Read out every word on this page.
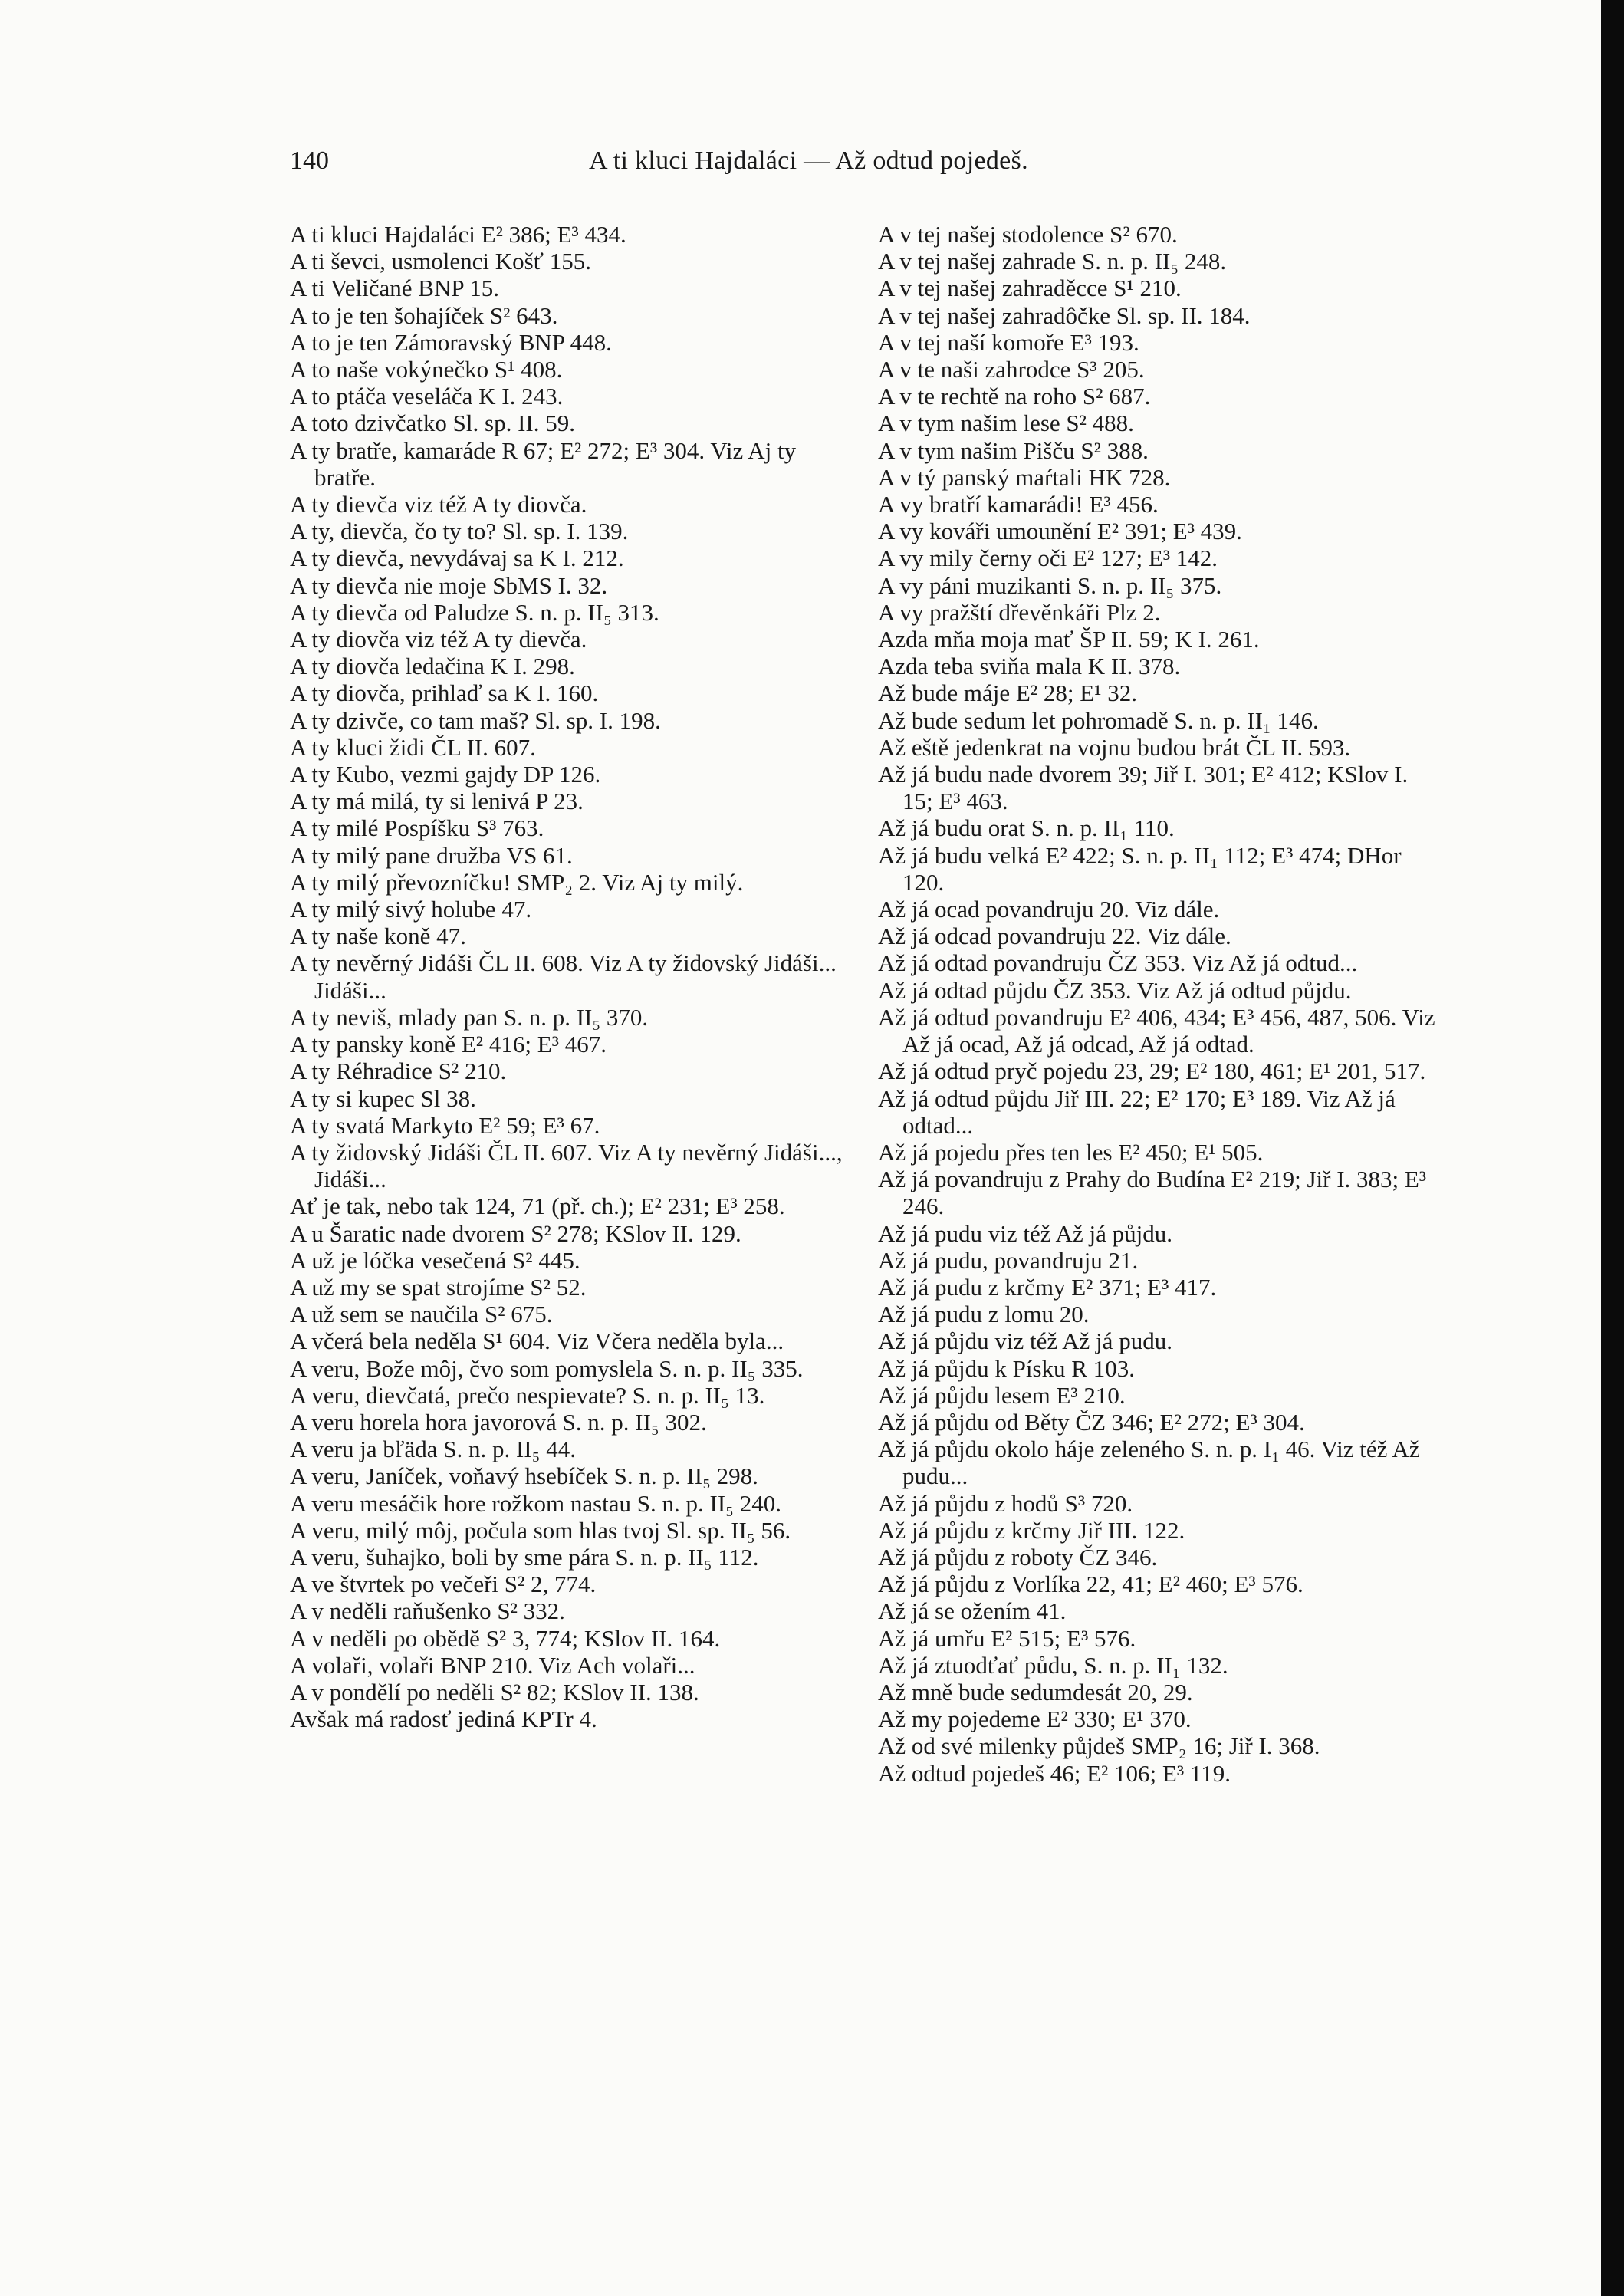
140	A ti kluci Hajdaláci — Až odtud pojedeš.
A ti kluci Hajdaláci E² 386; E³ 434.
A ti ševci, usmolenci Košť 155.
A ti Veličané BNP 15.
A to je ten šohajíček S² 643.
A to je ten Zámoravský BNP 448.
A to naše vokýnečko S¹ 408.
A to ptáča veseláča K I. 243.
A toto dzivčatko Sl. sp. II. 59.
A ty bratře, kamaráde R 67; E² 272; E³ 304. Viz Aj ty bratře.
A ty dievča viz též A ty diovča.
A ty, dievča, čo ty to? Sl. sp. I. 139.
A ty dievča, nevydávaj sa K I. 212.
A ty dievča nie moje SbMS I. 32.
A ty dievča od Paludze S. n. p. II₅ 313.
A ty diovča viz též A ty dievča.
A ty diovča ledačina K I. 298.
A ty diovča, prihlaď sa K I. 160.
A ty dzivče, co tam maš? Sl. sp. I. 198.
A ty kluci židi ČL II. 607.
A ty Kubo, vezmi gajdy DP 126.
A ty má milá, ty si lenivá P 23.
A ty milé Pospíšku S³ 763.
A ty milý pane družba VS 61.
A ty milý převozníčku! SMP₂ 2. Viz Aj ty milý.
A ty milý sivý holube 47.
A ty naše koně 47.
A ty nevěrný Jidáši ČL II. 608. Viz A ty židovský Jidáši... Jidáši...
A ty neviš, mlady pan S. n. p. II₅ 370.
A ty pansky koně E² 416; E³ 467.
A ty Réhradice S² 210.
A ty si kupec Sl 38.
A ty svatá Markyto E² 59; E³ 67.
A ty židovský Jidáši ČL II. 607. Viz A ty nevěrný Jidáši..., Jidáši...
Ať je tak, nebo tak 124, 71 (př. ch.); E² 231; E³ 258.
A u Šaratic nade dvorem S² 278; KSlov II. 129.
A už je lóčka vesečená S² 445.
A už my se spat strojíme S² 52.
A už sem se naučila S² 675.
A včerá bela neděla S¹ 604. Viz Včera neděla byla...
A veru, Bože môj, čvo som pomyslela S. n. p. II₅ 335.
A veru, dievčatá, prečo nespievate? S. n. p. II₅ 13.
A veru horela hora javorová S. n. p. II₅ 302.
A veru ja bľäda S. n. p. II₅ 44.
A veru, Janíček, voňavý hsebíček S. n. p. II₅ 298.
A veru mesáčik hore rožkom nastau S. n. p. II₅ 240.
A veru, milý môj, počula som hlas tvoj Sl. sp. II₅ 56.
A veru, šuhajko, boli by sme pára S. n. p. II₅ 112.
A ve štvrtek po večeři S² 2, 774.
A v neděli raňušenko S² 332.
A v neděli po obědě S² 3, 774; KSlov II. 164.
A volaři, volaři BNP 210. Viz Ach volaři...
A v pondělí po neděli S² 82; KSlov II. 138.
Avšak má radosť jediná KPTr 4.
A v tej našej stodolence S² 670.
A v tej našej zahrade S. n. p. II₅ 248.
A v tej našej zahraděcce S¹ 210.
A v tej našej zahradôčke Sl. sp. II. 184.
A v tej naší komoře E³ 193.
A v te naši zahrodce S³ 205.
A v te rechtě na roho S² 687.
A v tym našim lese S² 488.
A v tym našim Pišču S² 388.
A v tý panský maŕtali HK 728.
A vy bratří kamarádi! E³ 456.
A vy kováři umounění E² 391; E³ 439.
A vy mily černy oči E² 127; E³ 142.
A vy páni muzikanti S. n. p. II₅ 375.
A vy pražští dřevěnkáři Plz 2.
Azda mňa moja mať ŠP II. 59; K I. 261.
Azda teba sviňa mala K II. 378.
Až bude máje E² 28; E¹ 32.
Až bude sedum let pohromadě S. n. p. II₁ 146.
Až eště jedenkrat na vojnu budou brát ČL II. 593.
Až já budu nade dvorem 39; Jiř I. 301; E² 412; KSlov I. 15; E³ 463.
Až já budu orat S. n. p. II₁ 110.
Až já budu velká E² 422; S. n. p. II₁ 112; E³ 474; DHor 120.
Až já ocad povandruju 20. Viz dále.
Až já odcad povandruju 22. Viz dále.
Až já odtad povandruju ČZ 353. Viz Až já odtud...
Až já odtad půjdu ČZ 353. Viz Až já odtud půjdu.
Až já odtud povandruju E² 406, 434; E³ 456, 487, 506. Viz Až já ocad, Až já odcad, Až já odtad.
Až já odtud pryč pojedu 23, 29; E² 180, 461; E¹ 201, 517.
Až já odtud půjdu Jiř III. 22; E² 170; E³ 189. Viz Až já odtad...
Až já pojedu přes ten les E² 450; E¹ 505.
Až já povandruju z Prahy do Budína E² 219; Jiř I. 383; E³ 246.
Až já pudu viz též Až já půjdu.
Až já pudu, povandruju 21.
Až já pudu z krčmy E² 371; E³ 417.
Až já pudu z lomu 20.
Až já půjdu viz též Až já pudu.
Až já půjdu k Písku R 103.
Až já půjdu lesem E³ 210.
Až já půjdu od Běty ČZ 346; E² 272; E³ 304.
Až já půjdu okolo háje zeleného S. n. p. I₁ 46. Viz též Až pudu...
Až já půjdu z hodů S³ 720.
Až já půjdu z krčmy Jiř III. 122.
Až já půjdu z roboty ČZ 346.
Až já půjdu z Vorlíka 22, 41; E² 460; E³ 576.
Až já se ožením 41.
Až já umřu E² 515; E³ 576.
Až já ztuodťať půdu, S. n. p. II₁ 132.
Až mně bude sedumdesát 20, 29.
Až my pojedeme E² 330; E¹ 370.
Až od své milenky půjdeš SMP₂ 16; Jiř I. 368.
Až odtud pojedeš 46; E² 106; E³ 119.
